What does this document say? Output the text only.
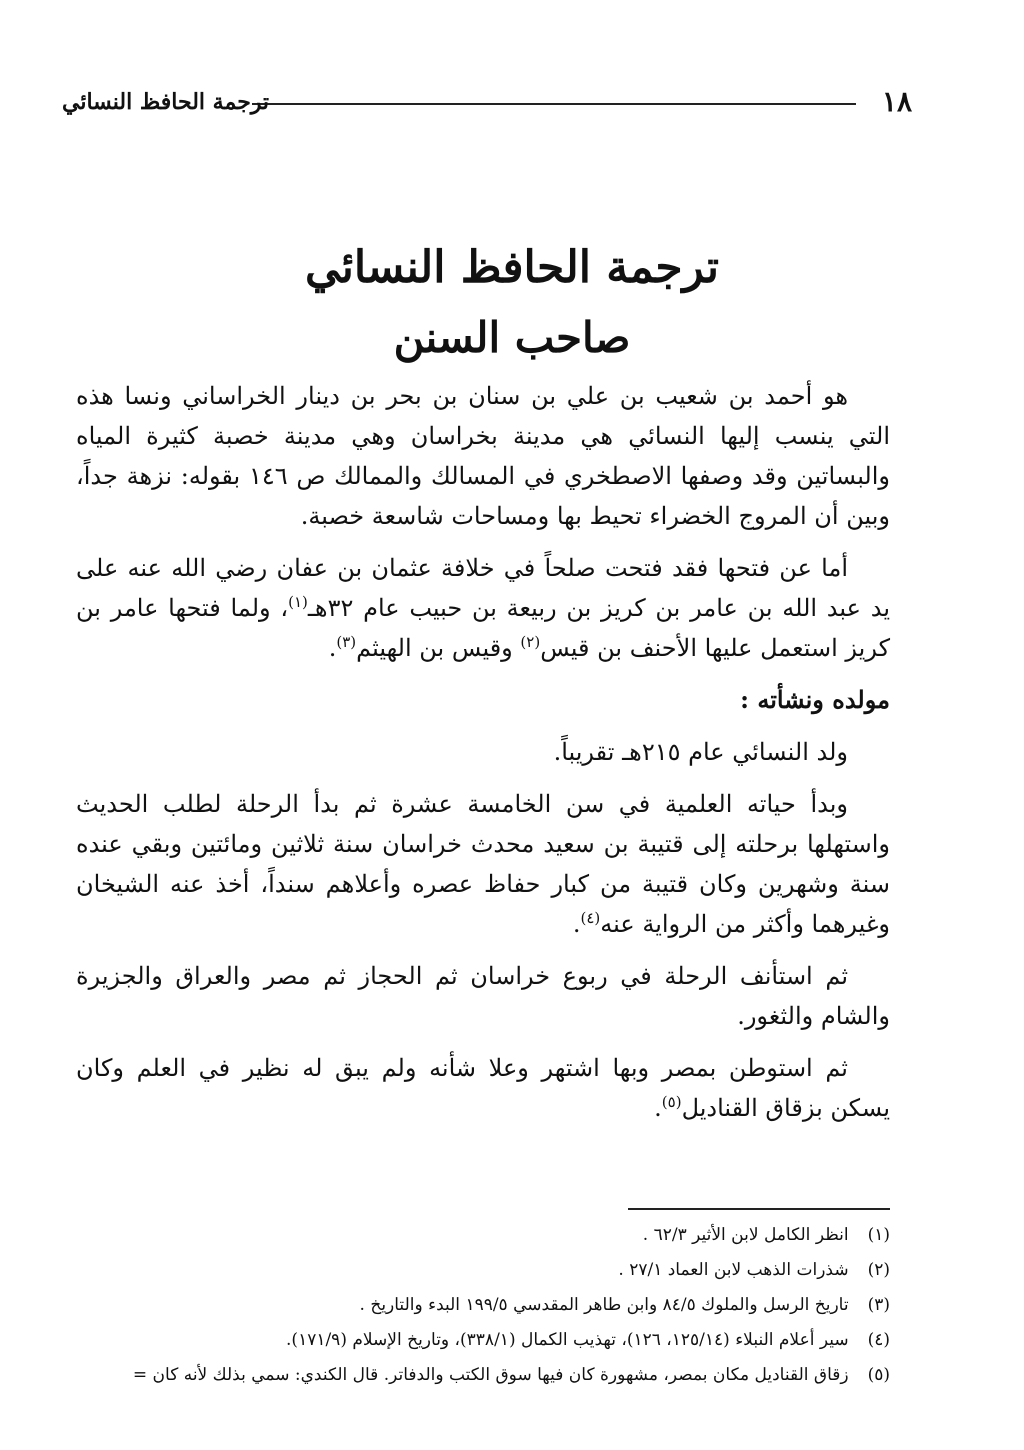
١٨
ترجمة الحافظ النسائي
ترجمة الحافظ النسائي
صاحب السنن

هو أحمد بن شعيب بن علي بن سنان بن بحر بن دينار الخراساني ونسا هذه التي ينسب إليها النسائي هي مدينة بخراسان وهي مدينة خصبة كثيرة المياه والبساتين وقد وصفها الاصطخري في المسالك والممالك ص ١٤٦ بقوله: نزهة جداً، وبين أن المروج الخضراء تحيط بها ومساحات شاسعة خصبة.

أما عن فتحها فقد فتحت صلحاً في خلافة عثمان بن عفان رضي الله عنه على يد عبد الله بن عامر بن كريز بن ربيعة بن حبيب عام ٣٢هـ$^{(١)}$، ولما فتحها عامر بن كريز استعمل عليها الأحنف بن قيس$^{(٢)}$ وقيس بن الهيثم$^{(٣)}$.

مولده ونشأته :

ولد النسائي عام ٢١٥هـ تقريباً.

وبدأ حياته العلمية في سن الخامسة عشرة ثم بدأ الرحلة لطلب الحديث واستهلها برحلته إلى قتيبة بن سعيد محدث خراسان سنة ثلاثين ومائتين وبقي عنده سنة وشهرين وكان قتيبة من كبار حفاظ عصره وأعلاهم سنداً، أخذ عنه الشيخان وغيرهما وأكثر من الرواية عنه$^{(٤)}$.

ثم استأنف الرحلة في ربوع خراسان ثم الحجاز ثم مصر والعراق والجزيرة والشام والثغور.

ثم استوطن بمصر وبها اشتهر وعلا شأنه ولم يبق له نظير في العلم وكان يسكن بزقاق القناديل$^{(٥)}$.

(١) انظر الكامل لابن الأثير ٦٢/٣ .
(٢) شذرات الذهب لابن العماد ٢٧/١ .
(٣) تاريخ الرسل والملوك ٨٤/٥ وابن طاهر المقدسي ١٩٩/٥ البدء والتاريخ .
(٤) سير أعلام النبلاء (١٢٥/١٤، ١٢٦)، تهذيب الكمال (٣٣٨/١)، وتاريخ الإسلام (١٧١/٩).
(٥) زقاق القناديل مكان بمصر، مشهورة كان فيها سوق الكتب والدفاتر. قال الكندي: سمي بذلك لأنه كان =
